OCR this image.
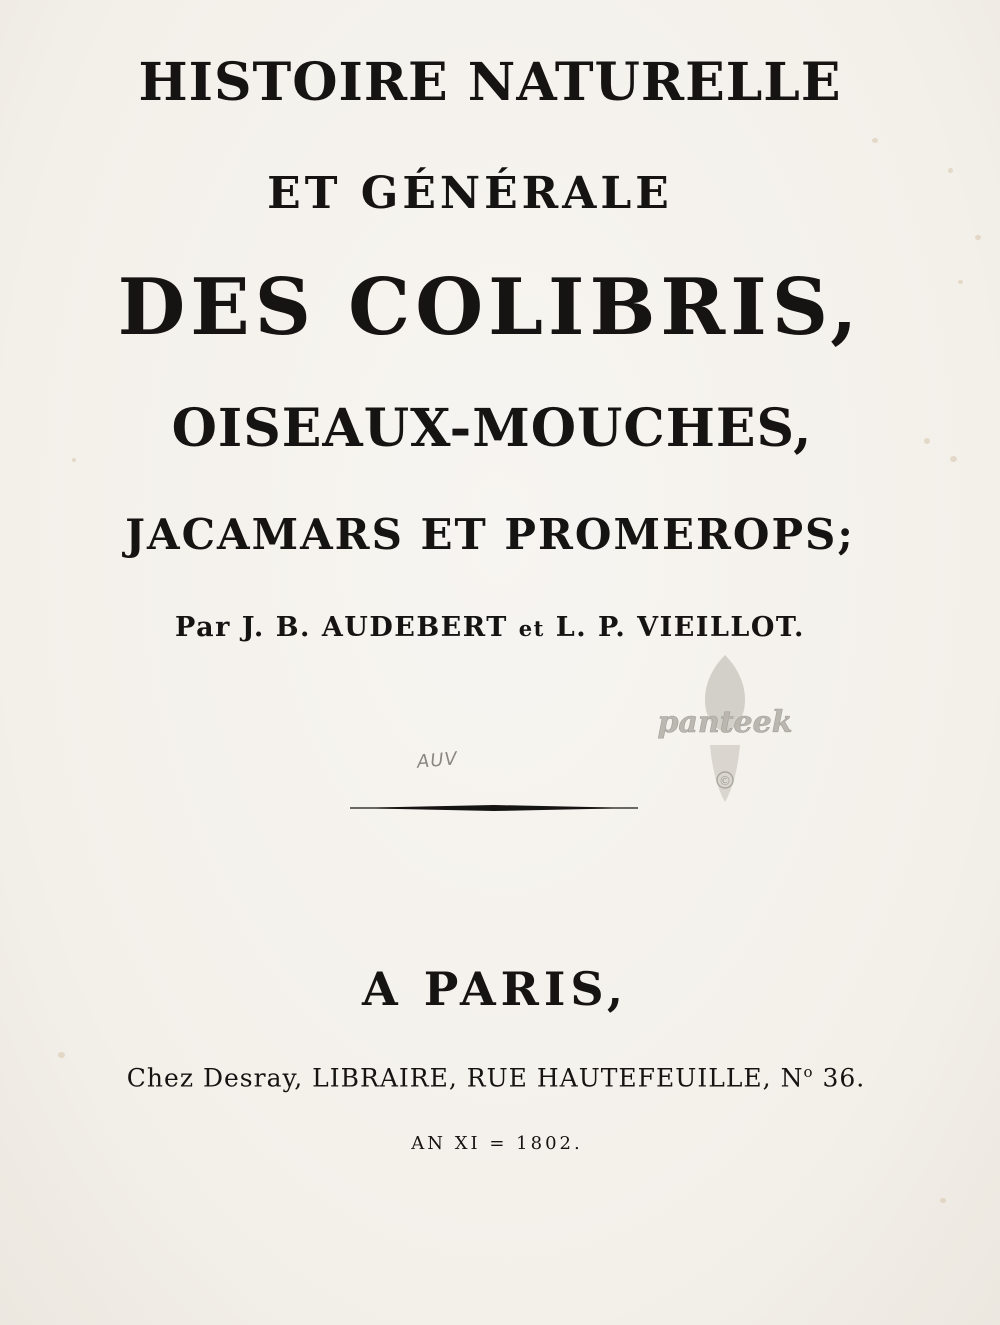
HISTOIRE NATURELLE
ET GÉNÉRALE
DES COLIBRIS,
OISEAUX-MOUCHES,
JACAMARS ET PROMEROPS;
Par J. B. AUDEBERT et L. P. VIEILLOT.
AUV
panteek
©
A PARIS,
Chez Desray, LIBRAIRE, RUE HAUTEFEUILLE, $N^o$ 36.
AN XI = 1802.
